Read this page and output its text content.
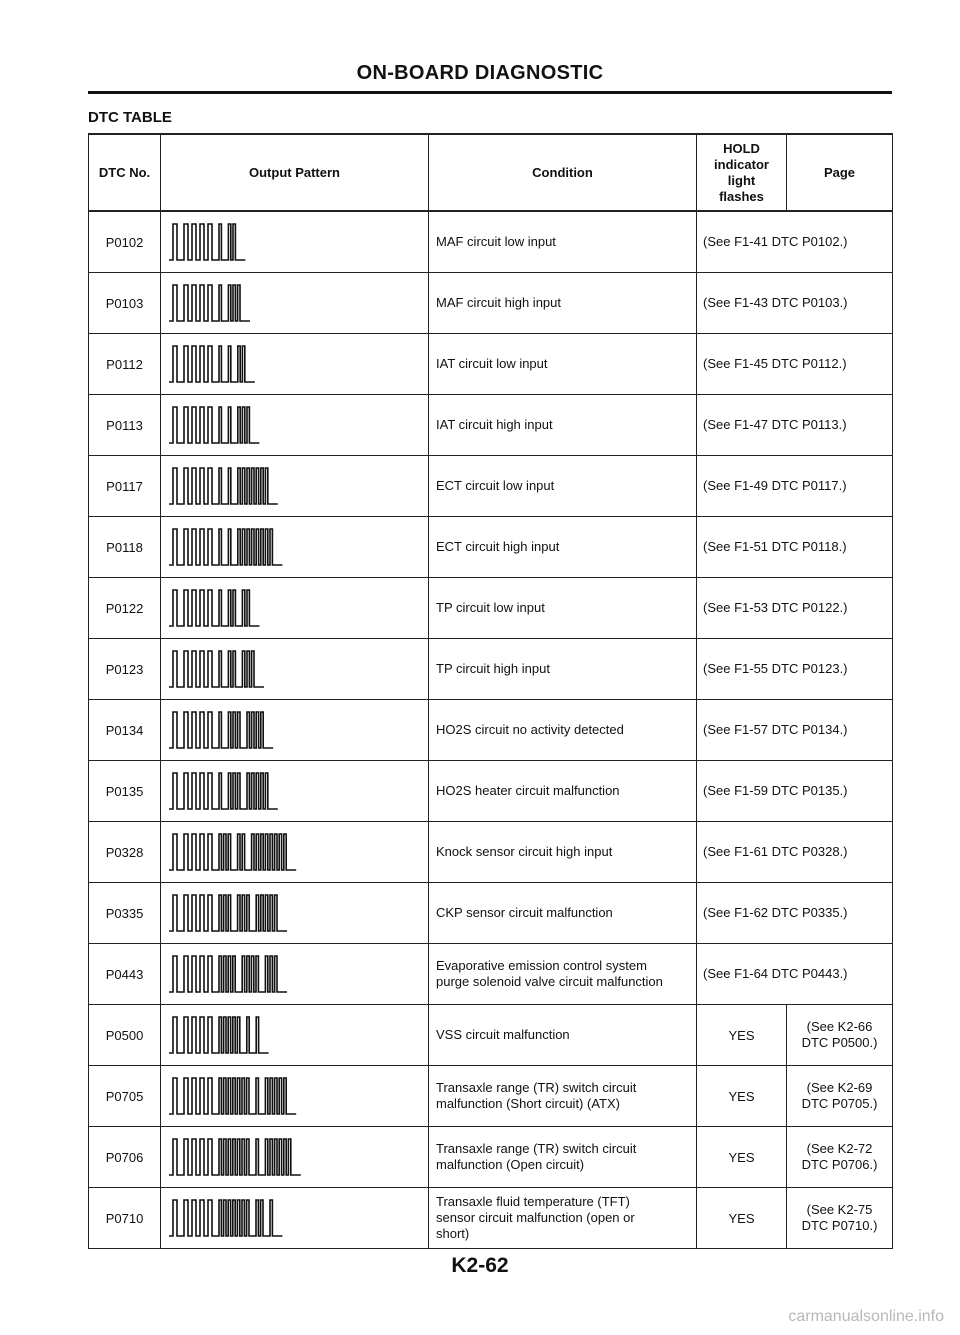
ON-BOARD DIAGNOSTIC
DTC TABLE
DTC No.	Output Pattern	Condition	HOLD
indicator
light
flashes	Page
P0102		MAF circuit low input	(See F1-41 DTC P0102.)	
P0103		MAF circuit high input	(See F1-43 DTC P0103.)	
P0112		IAT circuit low input	(See F1-45 DTC P0112.)	
P0113		IAT circuit high input	(See F1-47 DTC P0113.)	
P0117		ECT circuit low input	(See F1-49 DTC P0117.)	
P0118		ECT circuit high input	(See F1-51 DTC P0118.)	
P0122		TP circuit low input	(See F1-53 DTC P0122.)	
P0123		TP circuit high input	(See F1-55 DTC P0123.)	
P0134		HO2S circuit no activity detected	(See F1-57 DTC P0134.)	
P0135		HO2S heater circuit malfunction	(See F1-59 DTC P0135.)	
P0328		Knock sensor circuit high input	(See F1-61 DTC P0328.)	
P0335		CKP sensor circuit malfunction	(See F1-62 DTC P0335.)	
P0443		Evaporative emission control system
purge solenoid valve circuit malfunction	(See F1-64 DTC P0443.)	
P0500		VSS circuit malfunction	YES	(See K2-66
DTC P0500.)
P0705		Transaxle range (TR) switch circuit
malfunction (Short circuit) (ATX)	YES	(See K2-69
DTC P0705.)
P0706		Transaxle range (TR) switch circuit
malfunction (Open circuit)	YES	(See K2-72
DTC P0706.)
P0710		Transaxle fluid temperature (TFT)
sensor circuit malfunction (open or
short)	YES	(See K2-75
DTC P0710.)
K2-62
carmanualsonline.info
